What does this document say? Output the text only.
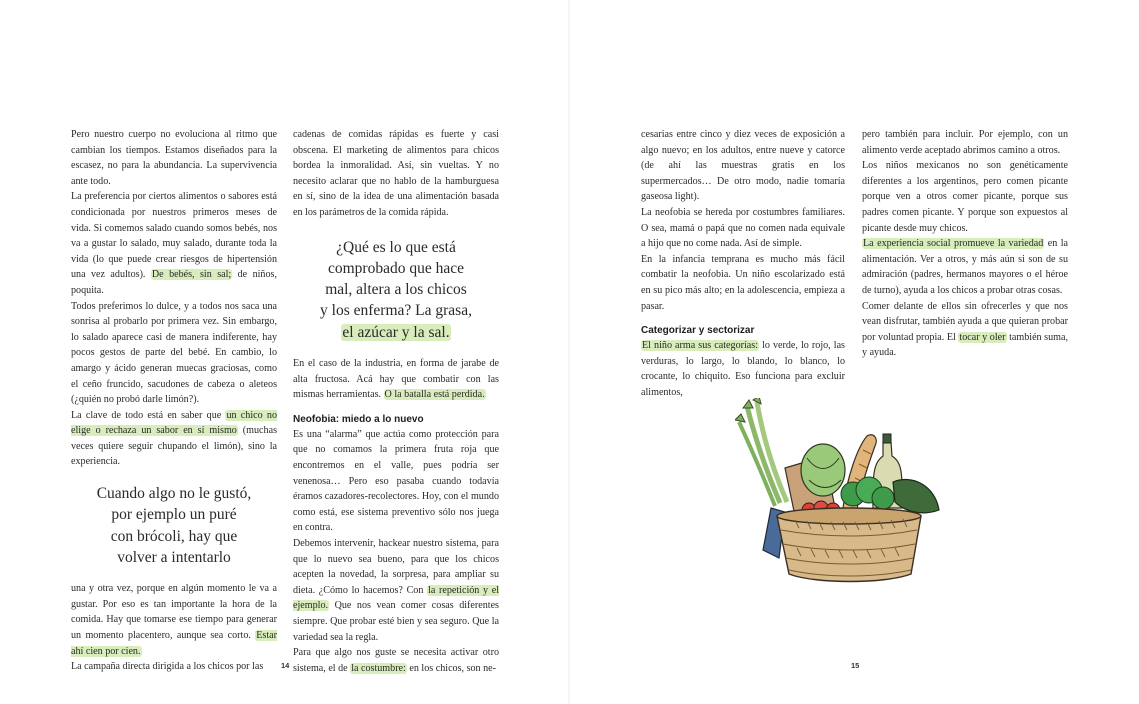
Pero nuestro cuerpo no evoluciona al ritmo que cambian los tiempos. Estamos diseñados para la escasez, no para la abundancia. La supervivencia ante todo.

La preferencia por ciertos alimentos o sabores está condicionada por nuestros primeros meses de vida. Si comemos salado cuando somos bebés, nos va a gustar lo salado, muy salado, durante toda la vida (lo que puede crear riesgos de hipertensión una vez adultos). De bebés, sin sal; de niños, poquita.

Todos preferimos lo dulce, y a todos nos saca una sonrisa al probarlo por primera vez. Sin embargo, lo salado aparece casi de manera indiferente, hay pocos gestos de parte del bebé. En cambio, lo amargo y ácido generan muecas graciosas, como el ceño fruncido, sacudones de cabeza o aleteos (¿quién no probó darle limón?).

La clave de todo está en saber que un chico no elige o rechaza un sabor en sí mismo (muchas veces quiere seguir chupando el limón), sino la experiencia.

Cuando algo no le gustó,
por ejemplo un puré
con brócoli, hay que
volver a intentarlo

una y otra vez, porque en algún momento le va a gustar. Por eso es tan importante la hora de la comida. Hay que tomarse ese tiempo para generar un momento placentero, aunque sea corto. Estar ahí cien por cien.

La campaña directa dirigida a los chicos por las

cadenas de comidas rápidas es fuerte y casi obscena. El marketing de alimentos para chicos bordea la inmoralidad. Así, sin vueltas. Y no necesito aclarar que no hablo de la hamburguesa en sí, sino de la idea de una alimentación basada en los parámetros de la comida rápida.

¿Qué es lo que está
comprobado que hace
mal, altera a los chicos
y los enferma? La grasa,
el azúcar y la sal.

En el caso de la industria, en forma de jarabe de alta fructosa. Acá hay que combatir con las mismas herramientas. O la batalla está perdida.

Neofobia: miedo a lo nuevo

Es una “alarma” que actúa como protección para que no comamos la primera fruta roja que encontremos en el valle, pues podría ser venenosa… Pero eso pasaba cuando todavía éramos cazadores-recolectores. Hoy, con el mundo como está, ese sistema preventivo sólo nos juega en contra.

Debemos intervenir, hackear nuestro sistema, para que lo nuevo sea bueno, para que los chicos acepten la novedad, la sorpresa, para ampliar su dieta. ¿Cómo lo hacemos? Con la repetición y el ejemplo. Que nos vean comer cosas diferentes siempre. Que probar esté bien y sea seguro. Que la variedad sea la regla.

Para que algo nos guste se necesita activar otro sistema, el de la costumbre: en los chicos, son ne-

14

cesarias entre cinco y diez veces de exposición a algo nuevo; en los adultos, entre nueve y catorce (de ahí las muestras gratis en los supermercados… De otro modo, nadie tomaría gaseosa light).

La neofobia se hereda por costumbres familiares. O sea, mamá o papá que no comen nada equivale a hijo que no come nada. Así de simple.

En la infancia temprana es mucho más fácil combatir la neofobia. Un niño escolarizado está en su pico más alto; en la adolescencia, empieza a pasar.

Categorizar y sectorizar

El niño arma sus categorías: lo verde, lo rojo, las verduras, lo largo, lo blando, lo blanco, lo crocante, lo chiquito. Eso funciona para excluir alimentos,

pero también para incluir. Por ejemplo, con un alimento verde aceptado abrimos camino a otros.

Los niños mexicanos no son genéticamente diferentes a los argentinos, pero comen picante porque ven a otros comer picante, porque sus padres comen picante. Y porque son expuestos al picante desde muy chicos.

La experiencia social promueve la variedad en la alimentación. Ver a otros, y más aún si son de su admiración (padres, hermanos mayores o el héroe de turno), ayuda a los chicos a probar otras cosas.

Comer delante de ellos sin ofrecerles y que nos vean disfrutar, también ayuda a que quieran probar por voluntad propia. El tocar y oler también suma, y ayuda.

15
